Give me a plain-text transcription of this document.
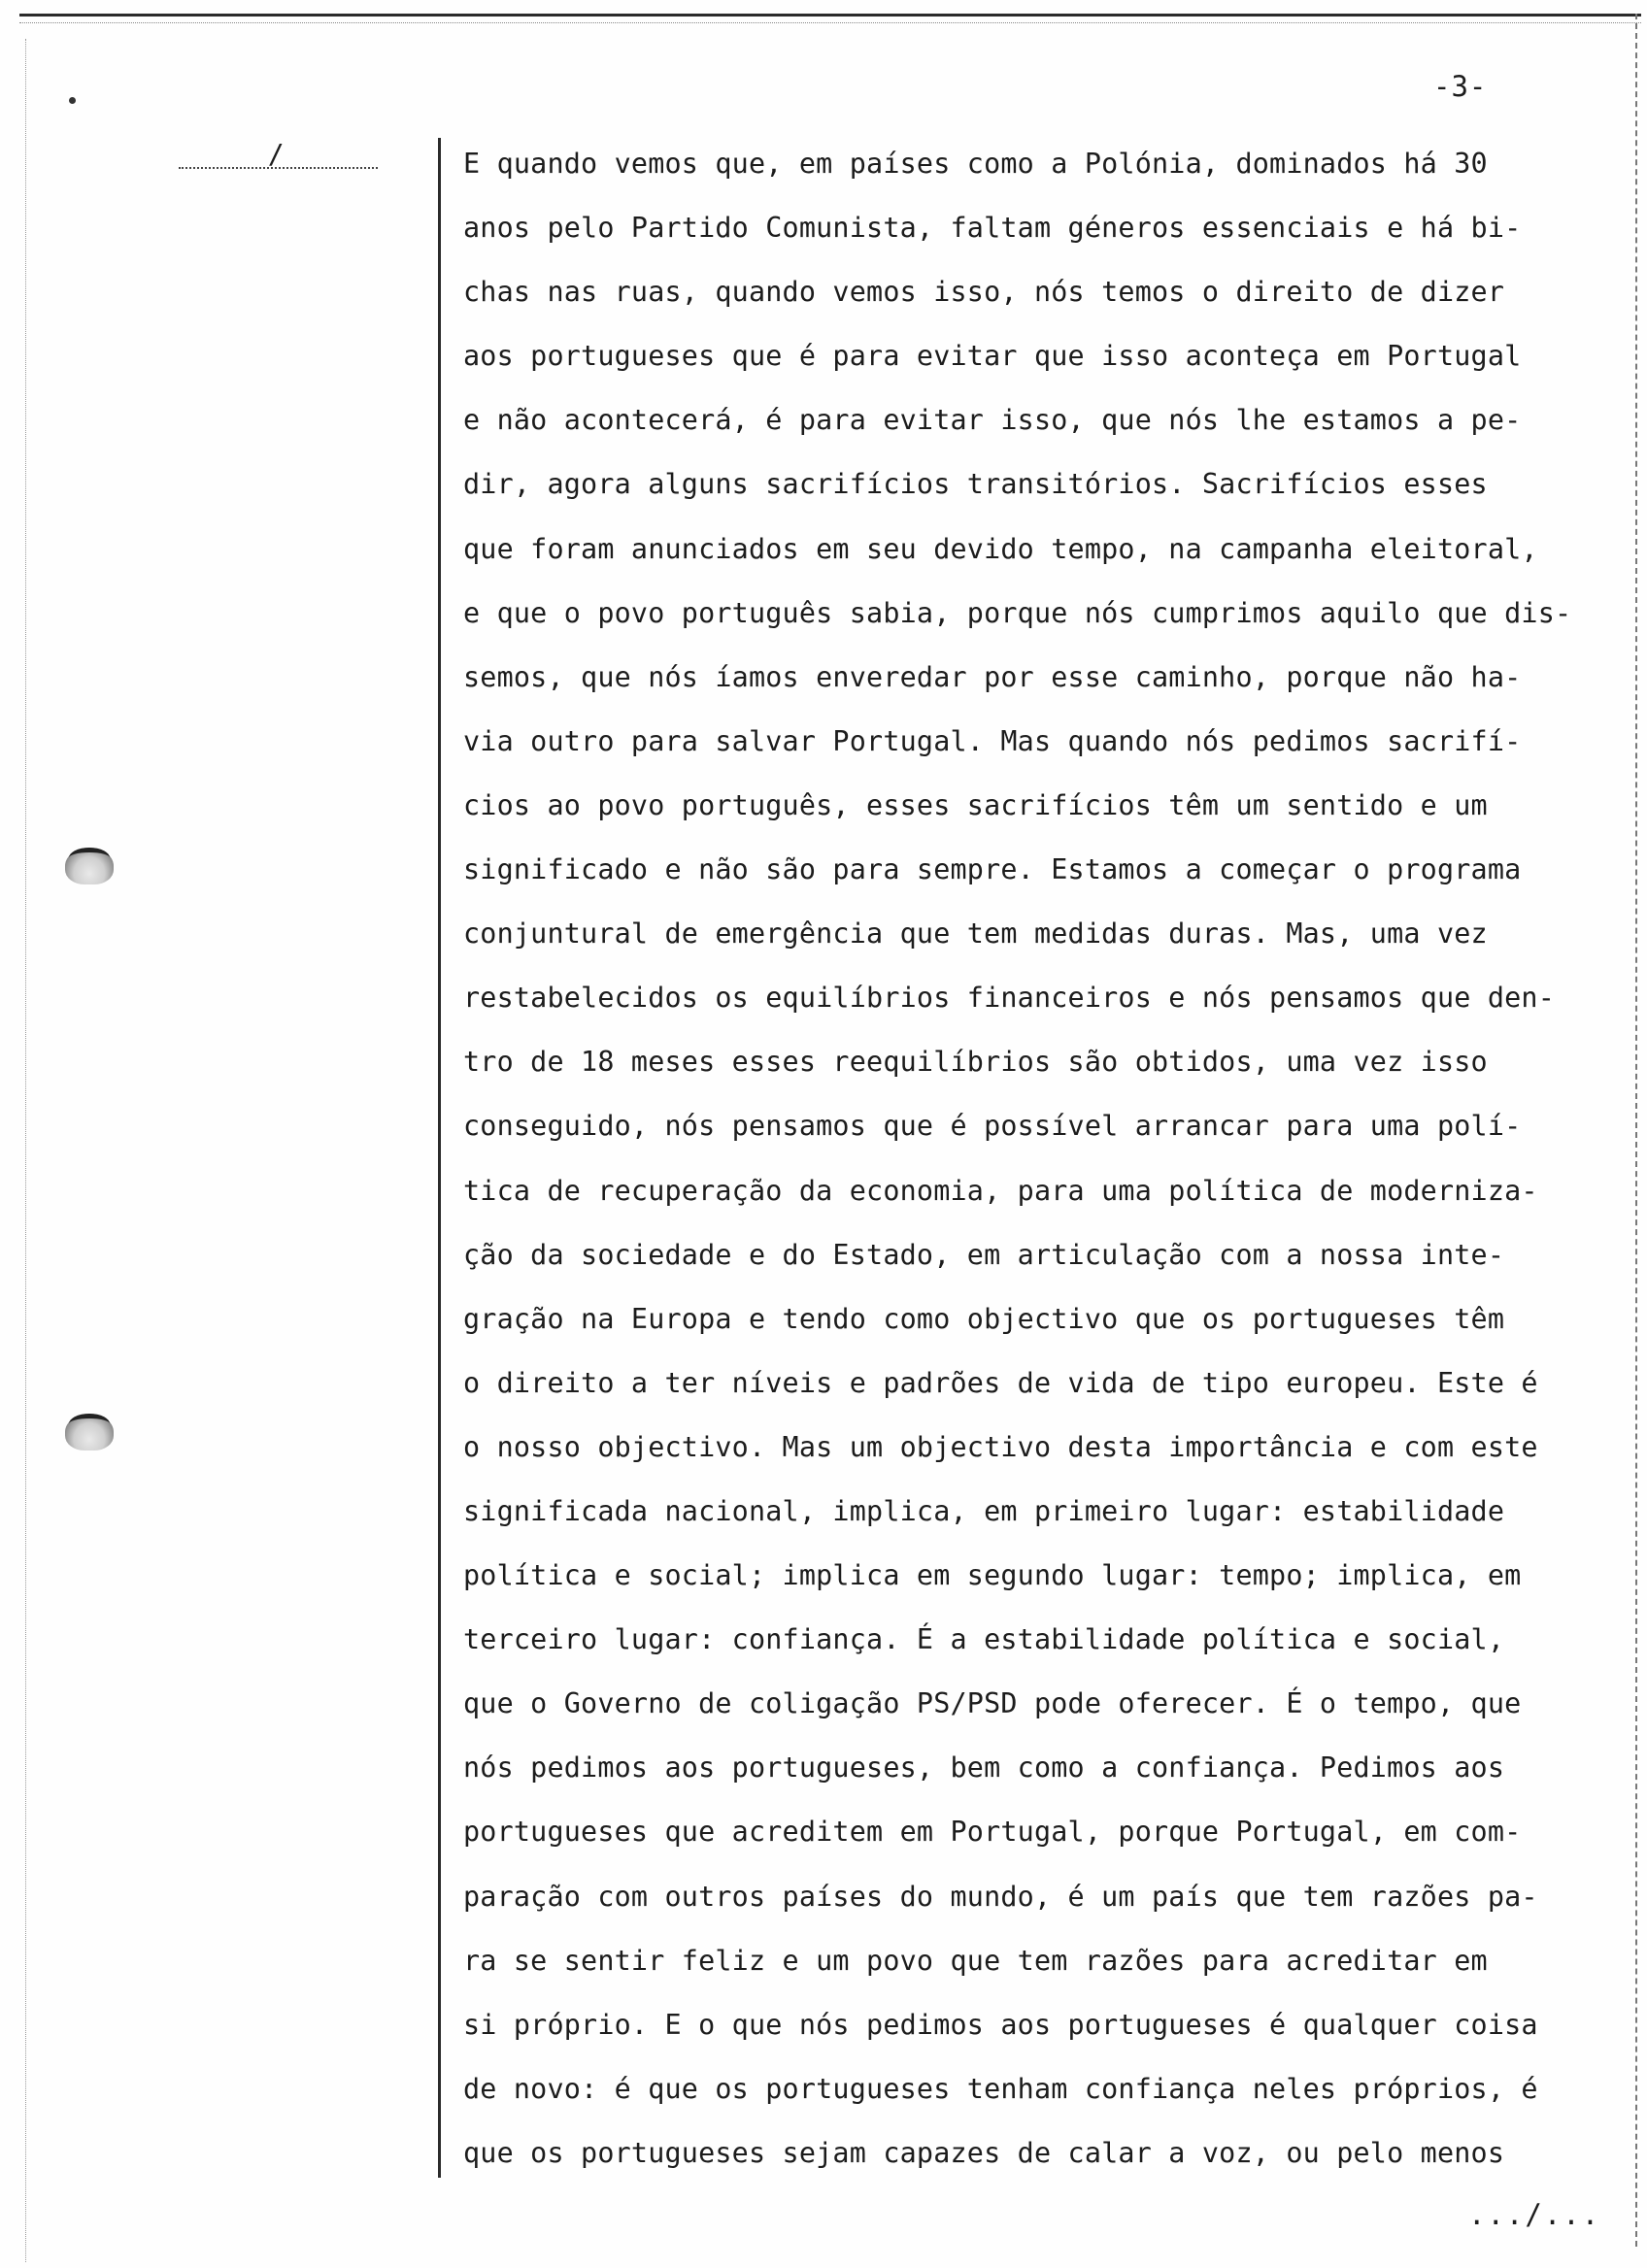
/

-3-
E quando vemos que, em países como a Polónia, dominados há 30
anos pelo Partido Comunista, faltam géneros essenciais e há bi-
chas nas ruas, quando vemos isso, nós temos o direito de dizer
aos portugueses que é para evitar que isso aconteça em Portugal
e não acontecerá, é para evitar isso, que nós lhe estamos a pe-
dir, agora alguns sacrifícios transitórios. Sacrifícios esses
que foram anunciados em seu devido tempo, na campanha eleitoral,
e que o povo português sabia, porque nós cumprimos aquilo que dis-
semos, que nós íamos enveredar por esse caminho, porque não ha-
via outro para salvar Portugal. Mas quando nós pedimos sacrifí-
cios ao povo português, esses sacrifícios têm um sentido e um
significado e não são para sempre. Estamos a começar o programa
conjuntural de emergência que tem medidas duras. Mas, uma vez
restabelecidos os equilíbrios financeiros e nós pensamos que den-
tro de 18 meses esses reequilíbrios são obtidos, uma vez isso
conseguido, nós pensamos que é possível arrancar para uma polí-
tica de recuperação da economia, para uma política de moderniza-
ção da sociedade e do Estado, em articulação com a nossa inte-
gração na Europa e tendo como objectivo que os portugueses têm
o direito a ter níveis e padrões de vida de tipo europeu. Este é
o nosso objectivo. Mas um objectivo desta importância e com este
significada nacional, implica, em primeiro lugar: estabilidade
política e social; implica em segundo lugar: tempo; implica, em
terceiro lugar: confiança. É a estabilidade política e social,
que o Governo de coligação PS/PSD pode oferecer. É o tempo, que
nós pedimos aos portugueses, bem como a confiança. Pedimos aos
portugueses que acreditem em Portugal, porque Portugal, em com-
paração com outros países do mundo, é um país que tem razões pa-
ra se sentir feliz e um povo que tem razões para acreditar em
si próprio. E o que nós pedimos aos portugueses é qualquer coisa
de novo: é que os portugueses tenham confiança neles próprios, é
que os portugueses sejam capazes de calar a voz, ou pelo menos
.../...
